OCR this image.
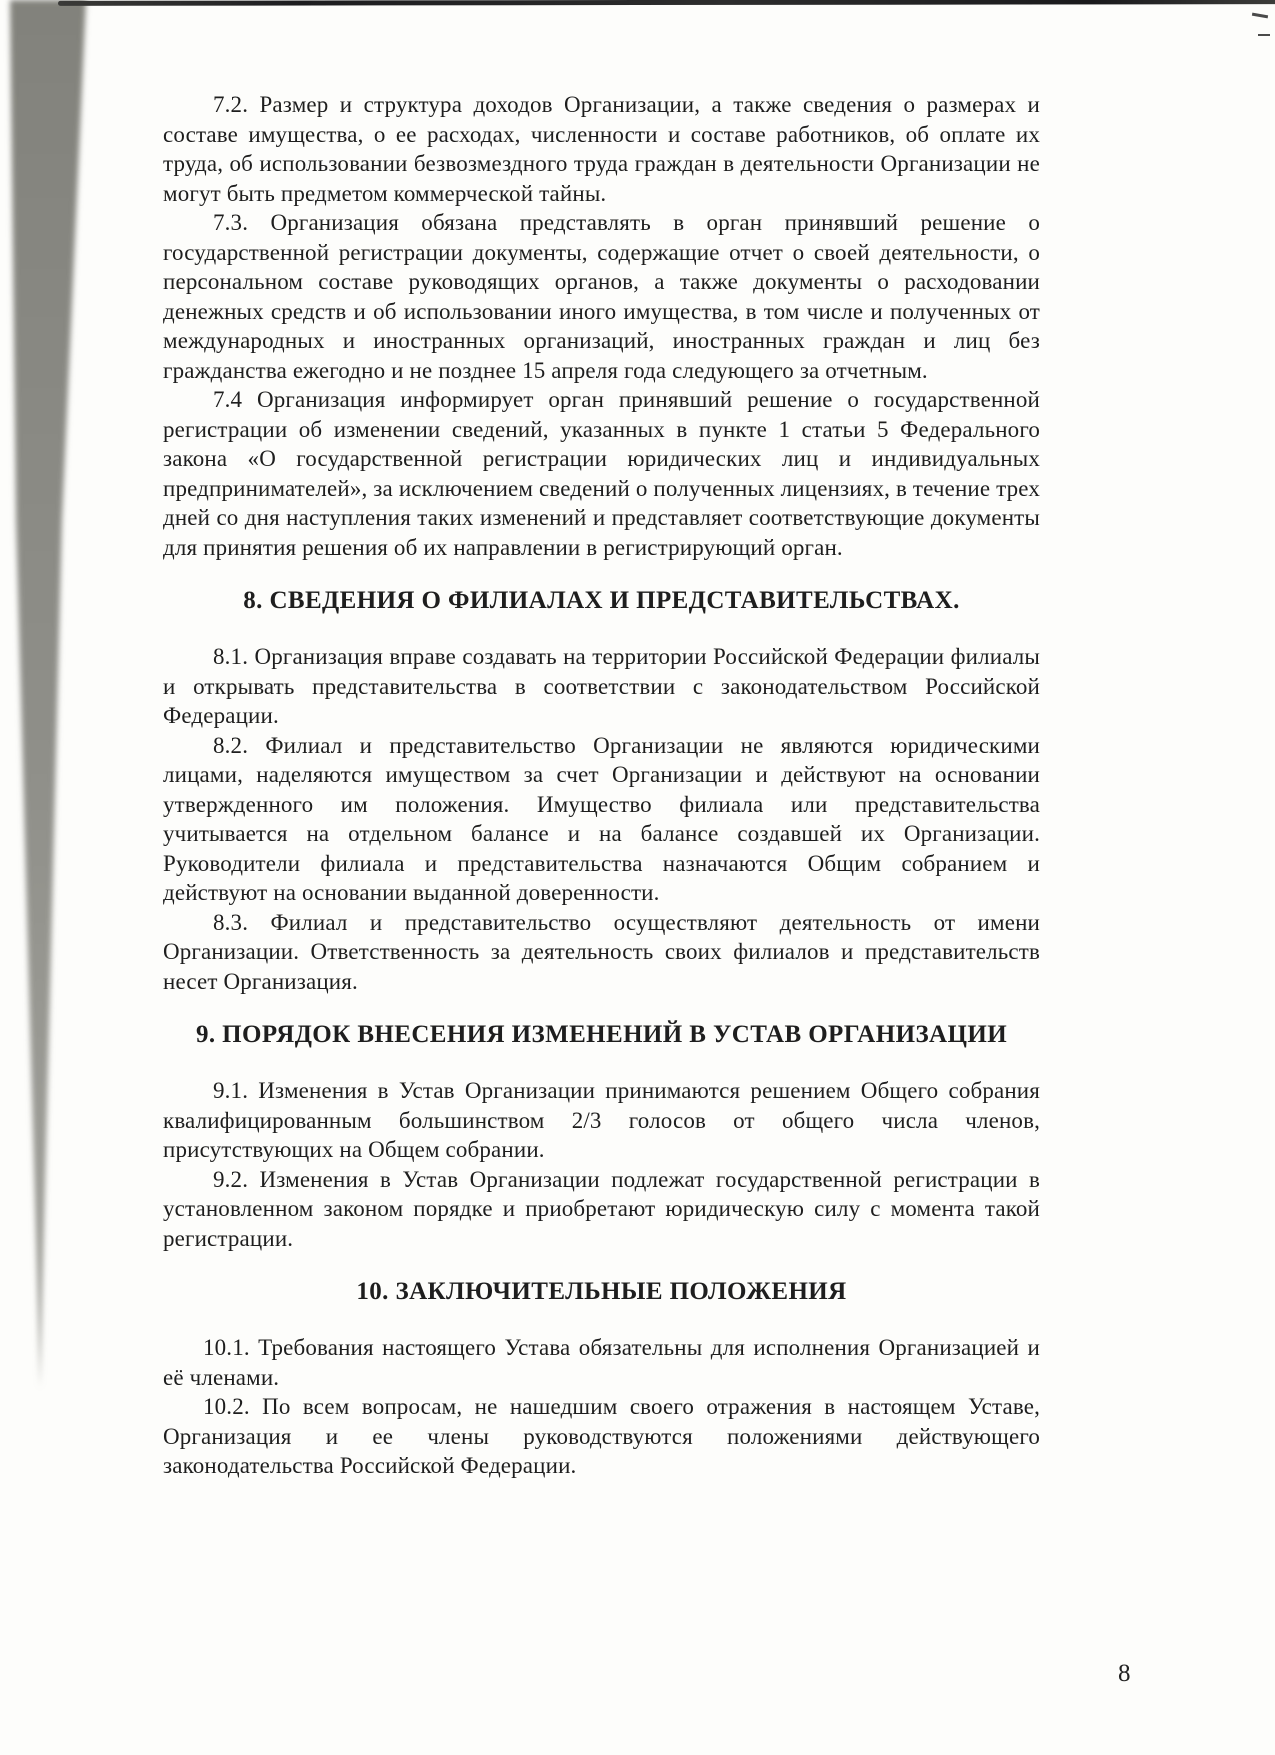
7.2. Размер и структура доходов Организации, а также сведения о размерах и составе имущества, о ее расходах, численности и составе работников, об оплате их труда, об использовании безвозмездного труда граждан в деятельности Организации не могут быть предметом коммерческой тайны.

7.3. Организация обязана представлять в орган принявший решение о государственной регистрации документы, содержащие отчет о своей деятельности, о персональном составе руководящих органов, а также документы о расходовании денежных средств и об использовании иного имущества, в том числе и полученных от международных и иностранных организаций, иностранных граждан и лиц без гражданства ежегодно и не позднее 15 апреля года следующего за отчетным.

7.4 Организация информирует орган принявший решение о государственной регистрации об изменении сведений, указанных в пункте 1 статьи 5 Федерального закона «О государственной регистрации юридических лиц и индивидуальных предпринимателей», за исключением сведений о полученных лицензиях, в течение трех дней со дня наступления таких изменений и представляет соответствующие документы для принятия решения об их направлении в регистрирующий орган.

8. СВЕДЕНИЯ О ФИЛИАЛАХ И ПРЕДСТАВИТЕЛЬСТВАХ.

8.1. Организация вправе создавать на территории Российской Федерации филиалы и открывать представительства в соответствии с законодательством Российской Федерации.

8.2. Филиал и представительство Организации не являются юридическими лицами, наделяются имуществом за счет Организации и действуют на основании утвержденного им положения. Имущество филиала или представительства учитывается на отдельном балансе и на балансе создавшей их Организации. Руководители филиала и представительства назначаются Общим собранием и действуют на основании выданной доверенности.

8.3. Филиал и представительство осуществляют деятельность от имени Организации. Ответственность за деятельность своих филиалов и представительств несет Организация.

9. ПОРЯДОК ВНЕСЕНИЯ ИЗМЕНЕНИЙ В УСТАВ ОРГАНИЗАЦИИ

9.1. Изменения в Устав Организации принимаются решением Общего собрания квалифицированным большинством 2/3 голосов от общего числа членов, присутствующих на Общем собрании.

9.2. Изменения в Устав Организации подлежат государственной регистрации в установленном законом порядке и приобретают юридическую силу с момента такой регистрации.

10. ЗАКЛЮЧИТЕЛЬНЫЕ ПОЛОЖЕНИЯ

10.1. Требования настоящего Устава обязательны для исполнения Организацией и её членами.

10.2. По всем вопросам, не нашедшим своего отражения в настоящем Уставе, Организация и ее члены руководствуются положениями действующего законодательства Российской Федерации.

8
